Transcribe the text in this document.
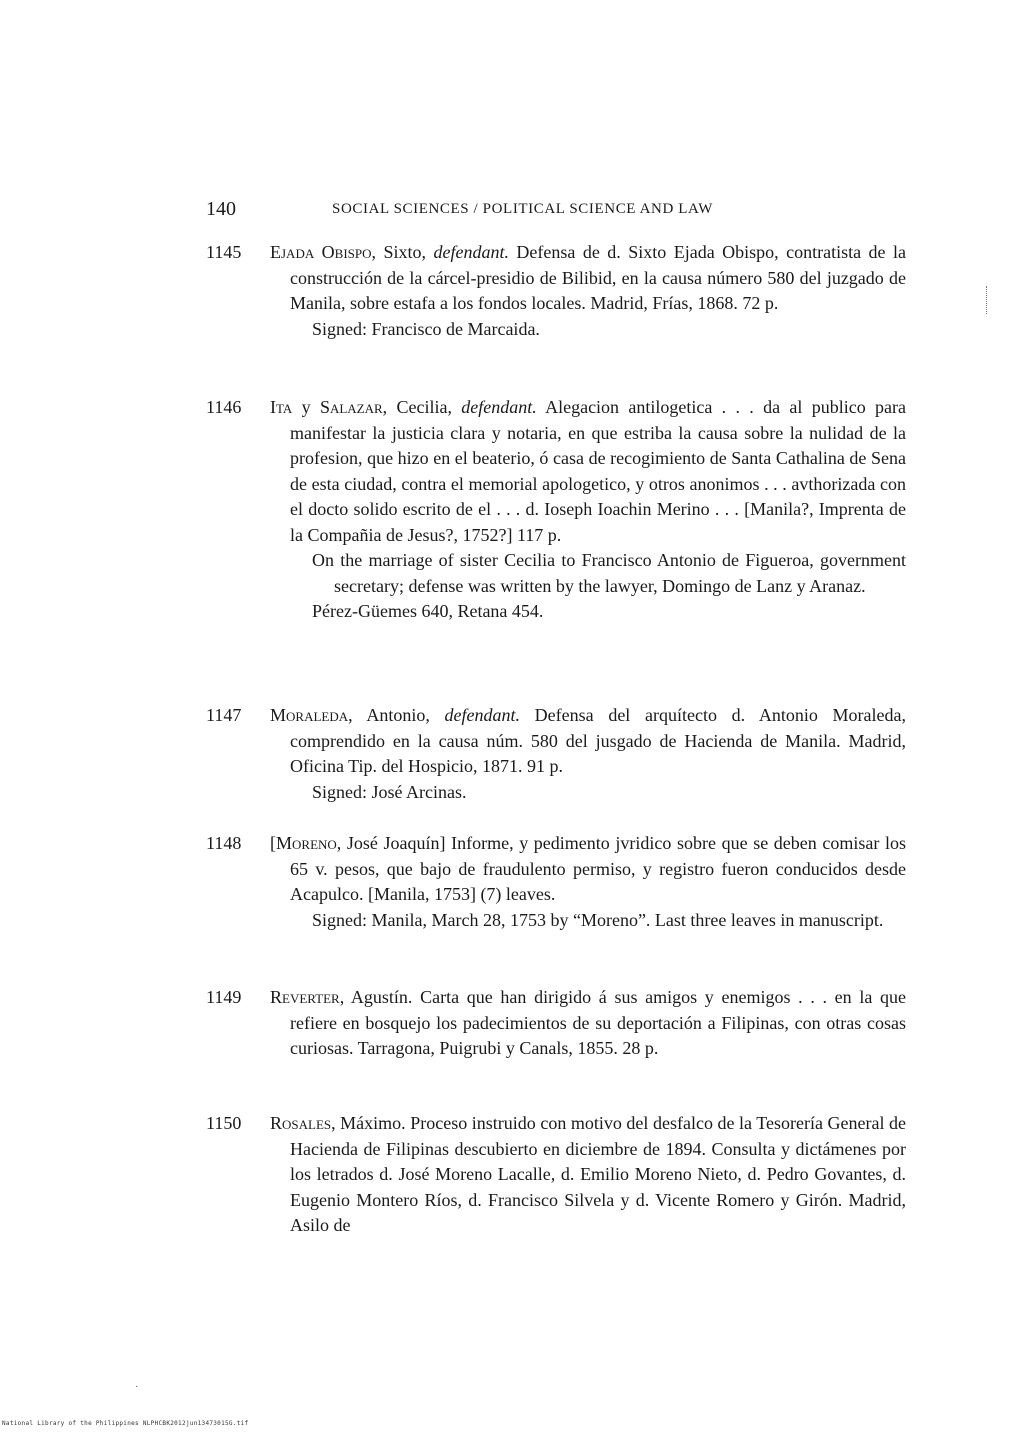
140	SOCIAL SCIENCES / POLITICAL SCIENCE AND LAW
1145 Ejada Obispo, Sixto, defendant. Defensa de d. Sixto Ejada Obispo, contratista de la construcción de la cárcel-presidio de Bilibid, en la causa número 580 del juzgado de Manila, sobre estafa a los fondos locales. Madrid, Frías, 1868. 72 p.
Signed: Francisco de Marcaida.
1146 Ita y Salazar, Cecilia, defendant. Alegacion antilogetica . . . da al publico para manifestar la justicia clara y notaria, en que estriba la causa sobre la nulidad de la profesion, que hizo en el beaterio, ó casa de recogimiento de Santa Cathalina de Sena de esta ciudad, contra el memorial apologetico, y otros anonimos . . . avthorizada con el docto solido escrito de el . . . d. Ioseph Ioachin Merino . . . [Manila?, Imprenta de la Compañia de Jesus?, 1752?] 117 p.
On the marriage of sister Cecilia to Francisco Antonio de Figueroa, government secretary; defense was written by the lawyer, Domingo de Lanz y Aranaz.
Pérez-Güemes 640, Retana 454.
1147 Moraleda, Antonio, defendant. Defensa del arquítecto d. Antonio Moraleda, comprendido en la causa núm. 580 del jusgado de Hacienda de Manila. Madrid, Oficina Tip. del Hospicio, 1871. 91 p.
Signed: José Arcinas.
1148 [Moreno, José Joaquín] Informe, y pedimento jvridico sobre que se deben comisar los 65 v. pesos, que bajo de fraudulento permiso, y registro fueron conducidos desde Acapulco. [Manila, 1753] (7) leaves.
Signed: Manila, March 28, 1753 by “Moreno”. Last three leaves in manuscript.
1149 Reverter, Agustín. Carta que han dirigido á sus amigos y enemigos . . . en la que refiere en bosquejo los padecimientos de su deportación a Filipinas, con otras cosas curiosas. Tarragona, Puigrubi y Canals, 1855. 28 p.
1150 Rosales, Máximo. Proceso instruido con motivo del desfalco de la Tesorería General de Hacienda de Filipinas descubierto en diciembre de 1894. Consulta y dictámenes por los letrados d. José Moreno Lacalle, d. Emilio Moreno Nieto, d. Pedro Govantes, d. Eugenio Montero Ríos, d. Francisco Silvela y d. Vicente Romero y Girón. Madrid, Asilo de
·
National Library of the Philippines NLPHCBK2012jun13473015G.tif
